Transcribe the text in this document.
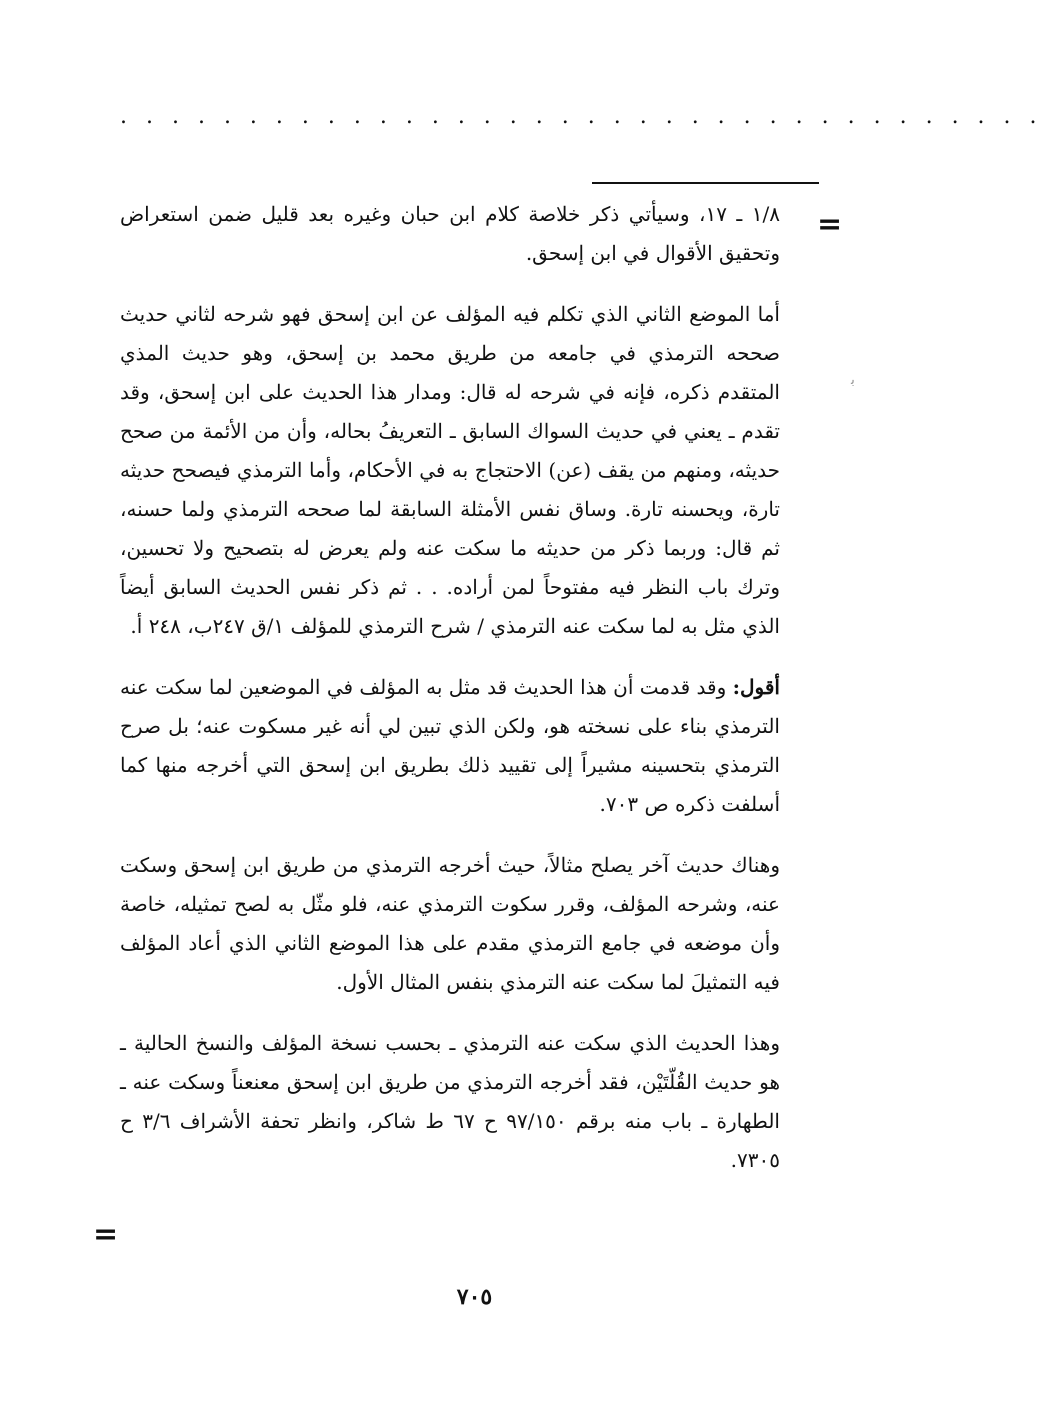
. . . . . . . . . . . . . . . . . . . . . . . . . . . . . . . . . . . .
=
ﺑ

١/٨ ـ ١٧، وسيأتي ذكر خلاصة كلام ابن حبان وغيره بعد قليل ضمن استعراض وتحقيق الأقوال في ابن إسحق.

أما الموضع الثاني الذي تكلم فيه المؤلف عن ابن إسحق فهو شرحه لثاني حديث صححه الترمذي في جامعه من طريق محمد بن إسحق، وهو حديث المذي المتقدم ذكره، فإنه في شرحه له قال: ومدار هذا الحديث على ابن إسحق، وقد تقدم ـ يعني في حديث السواك السابق ـ التعريفُ بحاله، وأن من الأئمة من صحح حديثه، ومنهم من يقف (عن) الاحتجاج به في الأحكام، وأما الترمذي فيصحح حديثه تارة، ويحسنه تارة. وساق نفس الأمثلة السابقة لما صححه الترمذي ولما حسنه، ثم قال: وربما ذكر من حديثه ما سكت عنه ولم يعرض له بتصحيح ولا تحسين، وترك باب النظر فيه مفتوحاً لمن أراده. . . ثم ذكر نفس الحديث السابق أيضاً الذي مثل به لما سكت عنه الترمذي / شرح الترمذي للمؤلف ١/ق ٢٤٧ب، ٢٤٨ أ.

أقول: وقد قدمت أن هذا الحديث قد مثل به المؤلف في الموضعين لما سكت عنه الترمذي بناء على نسخته هو، ولكن الذي تبين لي أنه غير مسكوت عنه؛ بل صرح الترمذي بتحسينه مشيراً إلى تقييد ذلك بطريق ابن إسحق التي أخرجه منها كما أسلفت ذكره ص ٧٠٣.

وهناك حديث آخر يصلح مثالاً، حيث أخرجه الترمذي من طريق ابن إسحق وسكت عنه، وشرحه المؤلف، وقرر سكوت الترمذي عنه، فلو مثّل به لصح تمثيله، خاصة وأن موضعه في جامع الترمذي مقدم على هذا الموضع الثاني الذي أعاد المؤلف فيه التمثيلَ لما سكت عنه الترمذي بنفس المثال الأول.

وهذا الحديث الذي سكت عنه الترمذي ـ بحسب نسخة المؤلف والنسخ الحالية ـ هو حديث القُلّتَيْن، فقد أخرجه الترمذي من طريق ابن إسحق معنعناً وسكت عنه ـ الطهارة ـ باب منه برقم ٩٧/١٥٠ ح ٦٧ ط شاكر، وانظر تحفة الأشراف ٣/٦ ح ٧٣٠٥.

=
٧٠٥
